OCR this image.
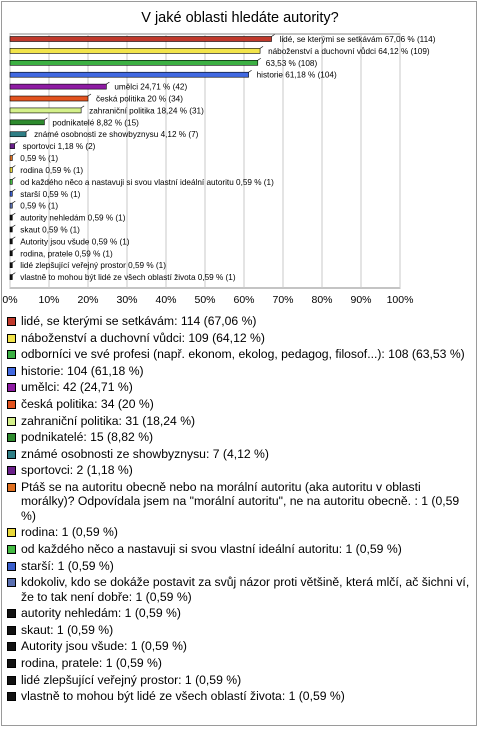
V jaké oblasti hledáte autority?
0% 10% 20% 30% 40% 50% 60% 70% 80% 90% 100%
lidé, se kterými se setkávám 67,06 % (114)
náboženství a duchovní vůdci 64,12 % (109)
63,53 % (108)
historie 61,18 % (104)
umělci 24,71 % (42)
česká politika 20 % (34)
zahraniční politika 18,24 % (31)
podnikatelé 8,82 % (15)
známé osobnosti ze showbyznysu 4,12 % (7)
sportovci 1,18 % (2)
0,59 % (1)
rodina 0,59 % (1)
od každého něco a nastavuji si svou vlastní ideální autoritu 0,59 % (1)
starší 0,59 % (1)
0,59 % (1)
autority nehledám 0,59 % (1)
skaut 0,59 % (1)
Autority jsou všude 0,59 % (1)
rodina, pratele 0,59 % (1)
lidé zlepšující veřejný prostor 0,59 % (1)
vlastně to mohou být lidé ze všech oblastí života 0,59 % (1)
lidé, se kterými se setkávám: 114 (67,06 %)
náboženství a duchovní vůdci: 109 (64,12 %)
odborníci ve své profesi (např. ekonom, ekolog, pedagog, filosof...): 108 (63,53 %)
historie: 104 (61,18 %)
umělci: 42 (24,71 %)
česká politika: 34 (20 %)
zahraniční politika: 31 (18,24 %)
podnikatelé: 15 (8,82 %)
známé osobnosti ze showbyznysu: 7 (4,12 %)
sportovci: 2 (1,18 %)
Ptáš se na autoritu obecně nebo na morální autoritu (aka autoritu v oblasti morálky)? Odpovídala jsem na "morální autoritu", ne na autoritu obecně. : 1 (0,59 %)
rodina: 1 (0,59 %)
od každého něco a nastavuji si svou vlastní ideální autoritu: 1 (0,59 %)
starší: 1 (0,59 %)
kdokoliv, kdo se dokáže postavit za svůj názor proti většině, která mlčí, ač šichni ví, že to tak není dobře: 1 (0,59 %)
autority nehledám: 1 (0,59 %)
skaut: 1 (0,59 %)
Autority jsou všude: 1 (0,59 %)
rodina, pratele: 1 (0,59 %)
lidé zlepšující veřejný prostor: 1 (0,59 %)
vlastně to mohou být lidé ze všech oblastí života: 1 (0,59 %)
